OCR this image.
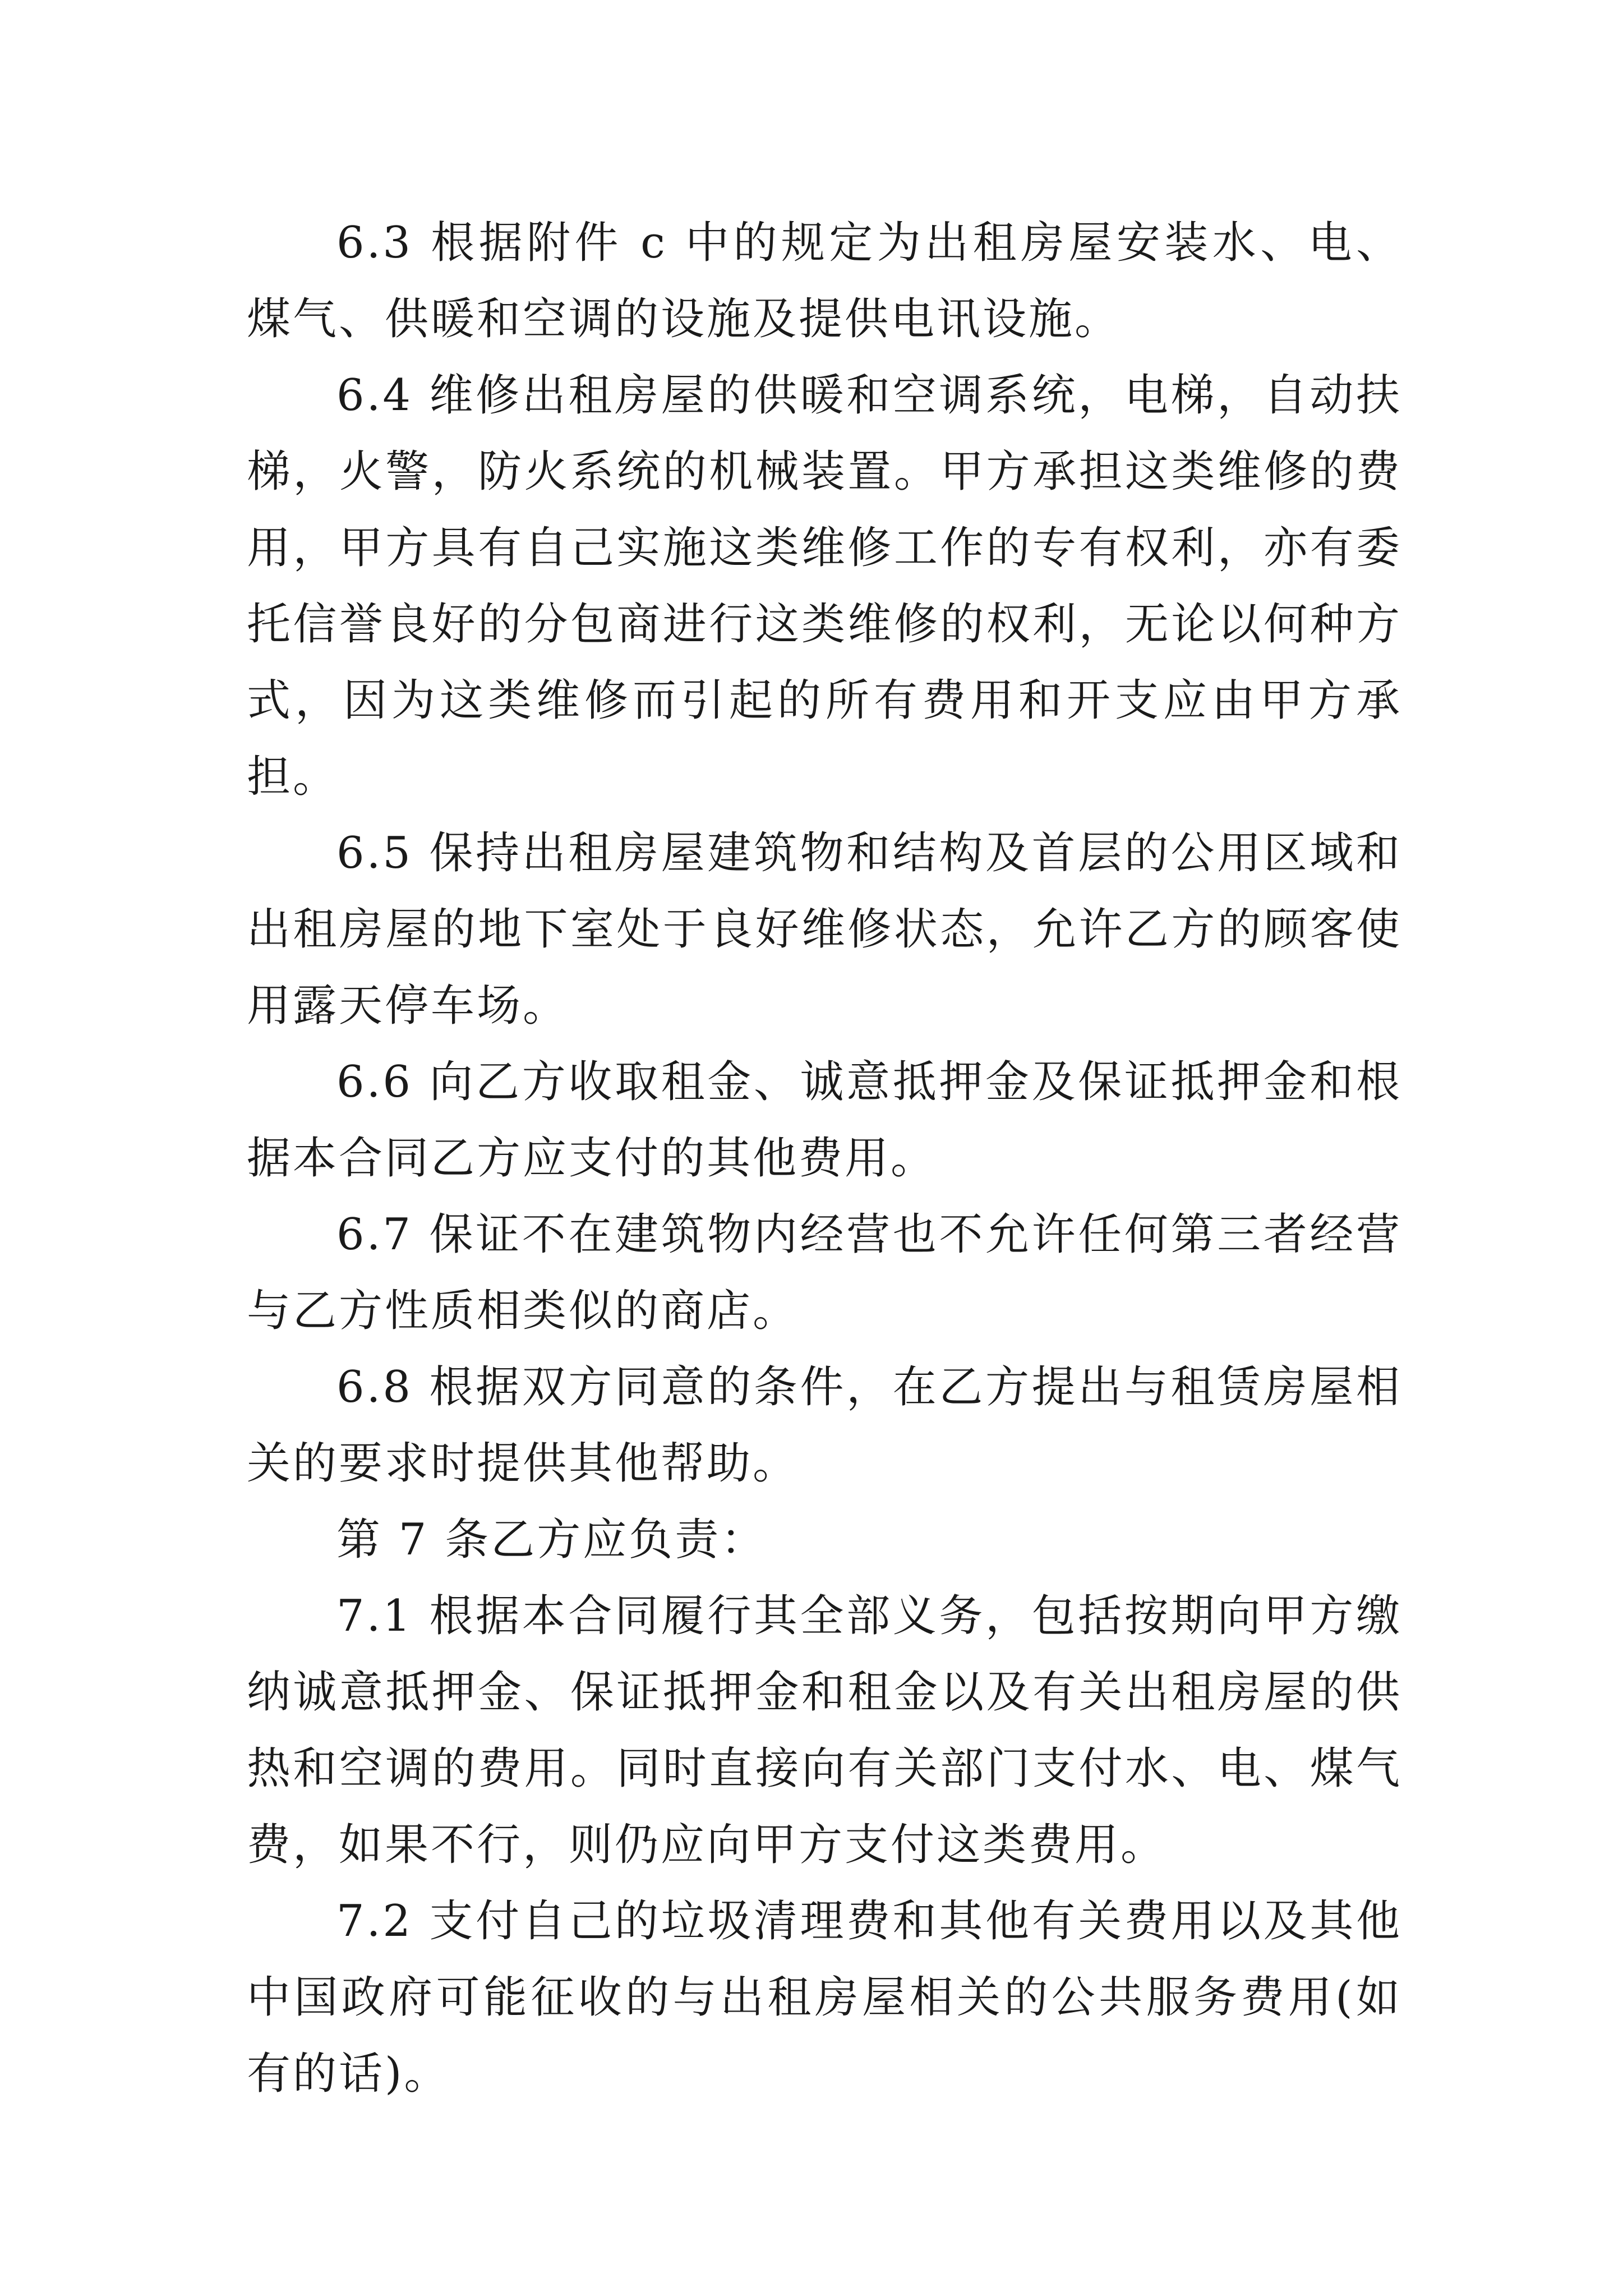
6.3 根据附件 c 中的规定为出租房屋安装水、电、煤气、供暖和空调的设施及提供电讯设施。

6.4 维修出租房屋的供暖和空调系统，电梯，自动扶梯，火警，防火系统的机械装置。甲方承担这类维修的费用，甲方具有自己实施这类维修工作的专有权利，亦有委托信誉良好的分包商进行这类维修的权利，无论以何种方式，因为这类维修而引起的所有费用和开支应由甲方承担。

6.5 保持出租房屋建筑物和结构及首层的公用区域和出租房屋的地下室处于良好维修状态，允许乙方的顾客使用露天停车场。

6.6 向乙方收取租金、诚意抵押金及保证抵押金和根据本合同乙方应支付的其他费用。

6.7 保证不在建筑物内经营也不允许任何第三者经营与乙方性质相类似的商店。

6.8 根据双方同意的条件，在乙方提出与租赁房屋相关的要求时提供其他帮助。

第 7 条乙方应负责：

7.1 根据本合同履行其全部义务，包括按期向甲方缴纳诚意抵押金、保证抵押金和租金以及有关出租房屋的供热和空调的费用。同时直接向有关部门支付水、电、煤气费，如果不行，则仍应向甲方支付这类费用。

7.2 支付自己的垃圾清理费和其他有关费用以及其他中国政府可能征收的与出租房屋相关的公共服务费用(如有的话)。
